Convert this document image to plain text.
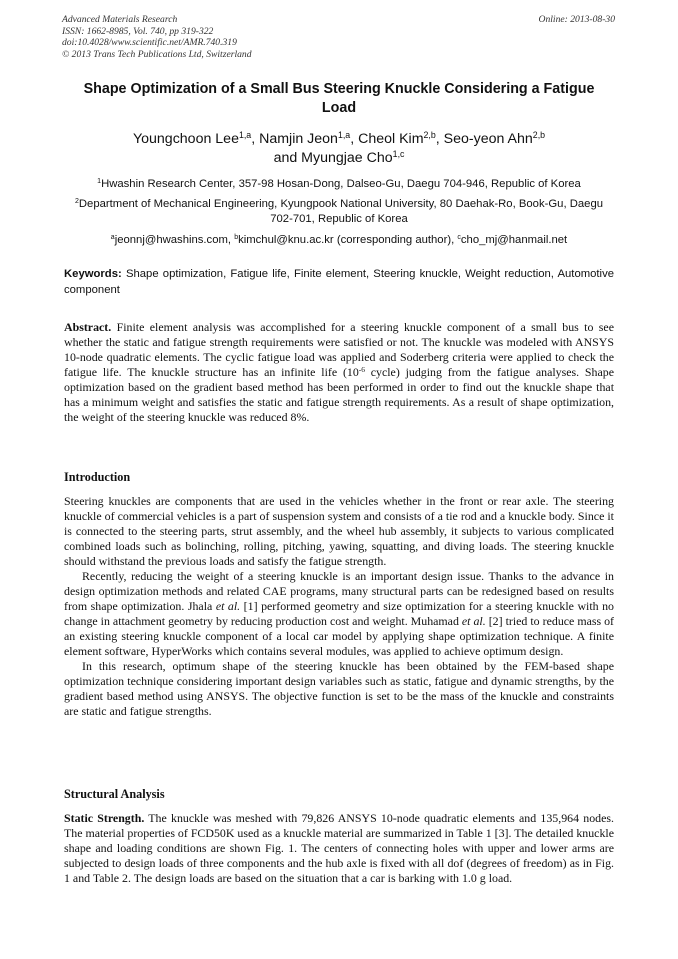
Advanced Materials Research
ISSN: 1662-8985, Vol. 740, pp 319-322
doi:10.4028/www.scientific.net/AMR.740.319
© 2013 Trans Tech Publications Ltd, Switzerland
Online: 2013-08-30
Shape Optimization of a Small Bus Steering Knuckle Considering a Fatigue Load
Youngchoon Lee$^{1,a}$, Namjin Jeon$^{1,a}$, Cheol Kim$^{2,b}$, Seo-yeon Ahn$^{2,b}$
and Myungjae Cho$^{1,c}$
$^1$Hwashin Research Center, 357-98 Hosan-Dong, Dalseo-Gu, Daegu 704-946, Republic of Korea
$^2$Department of Mechanical Engineering, Kyungpook National University, 80 Daehak-Ro, Book-Gu, Daegu 702-701, Republic of Korea
$^a$jeonnj@hwashins.com, $^b$kimchul@knu.ac.kr (corresponding author), $^c$cho_mj@hanmail.net
Keywords: Shape optimization, Fatigue life, Finite element, Steering knuckle, Weight reduction, Automotive component

Abstract. Finite element analysis was accomplished for a steering knuckle component of a small bus to see whether the static and fatigue strength requirements were satisfied or not. The knuckle was modeled with ANSYS 10-node quadratic elements. The cyclic fatigue load was applied and Soderberg criteria were applied to check the fatigue life. The knuckle structure has an infinite life (10$^{-6}$ cycle) judging from the fatigue analyses. Shape optimization based on the gradient based method has been performed in order to find out the knuckle shape that has a minimum weight and satisfies the static and fatigue strength requirements. As a result of shape optimization, the weight of the steering knuckle was reduced 8%.

Introduction

Steering knuckles are components that are used in the vehicles whether in the front or rear axle. The steering knuckle of commercial vehicles is a part of suspension system and consists of a tie rod and a knuckle body. Since it is connected to the steering parts, strut assembly, and the wheel hub assembly, it subjects to various complicated combined loads such as bolinching, rolling, pitching, yawing, squatting, and diving loads. The steering knuckle should withstand the previous loads and satisfy the fatigue strength.

Recently, reducing the weight of a steering knuckle is an important design issue. Thanks to the advance in design optimization methods and related CAE programs, many structural parts can be redesigned based on results from shape optimization. Jhala et al. [1] performed geometry and size optimization for a steering knuckle with no change in attachment geometry by reducing production cost and weight. Muhamad et al. [2] tried to reduce mass of an existing steering knuckle component of a local car model by applying shape optimization technique. A finite element software, HyperWorks which contains several modules, was applied to achieve optimum design.

In this research, optimum shape of the steering knuckle has been obtained by the FEM-based shape optimization technique considering important design variables such as static, fatigue and dynamic strengths, by the gradient based method using ANSYS. The objective function is set to be the mass of the knuckle and constraints are static and fatigue strengths.

Structural Analysis

Static Strength. The knuckle was meshed with 79,826 ANSYS 10-node quadratic elements and 135,964 nodes. The material properties of FCD50K used as a knuckle material are summarized in Table 1 [3]. The detailed knuckle shape and loading conditions are shown Fig. 1. The centers of connecting holes with upper and lower arms are subjected to design loads of three components and the hub axle is fixed with all dof (degrees of freedom) as in Fig. 1 and Table 2. The design loads are based on the situation that a car is barking with 1.0 g load.
